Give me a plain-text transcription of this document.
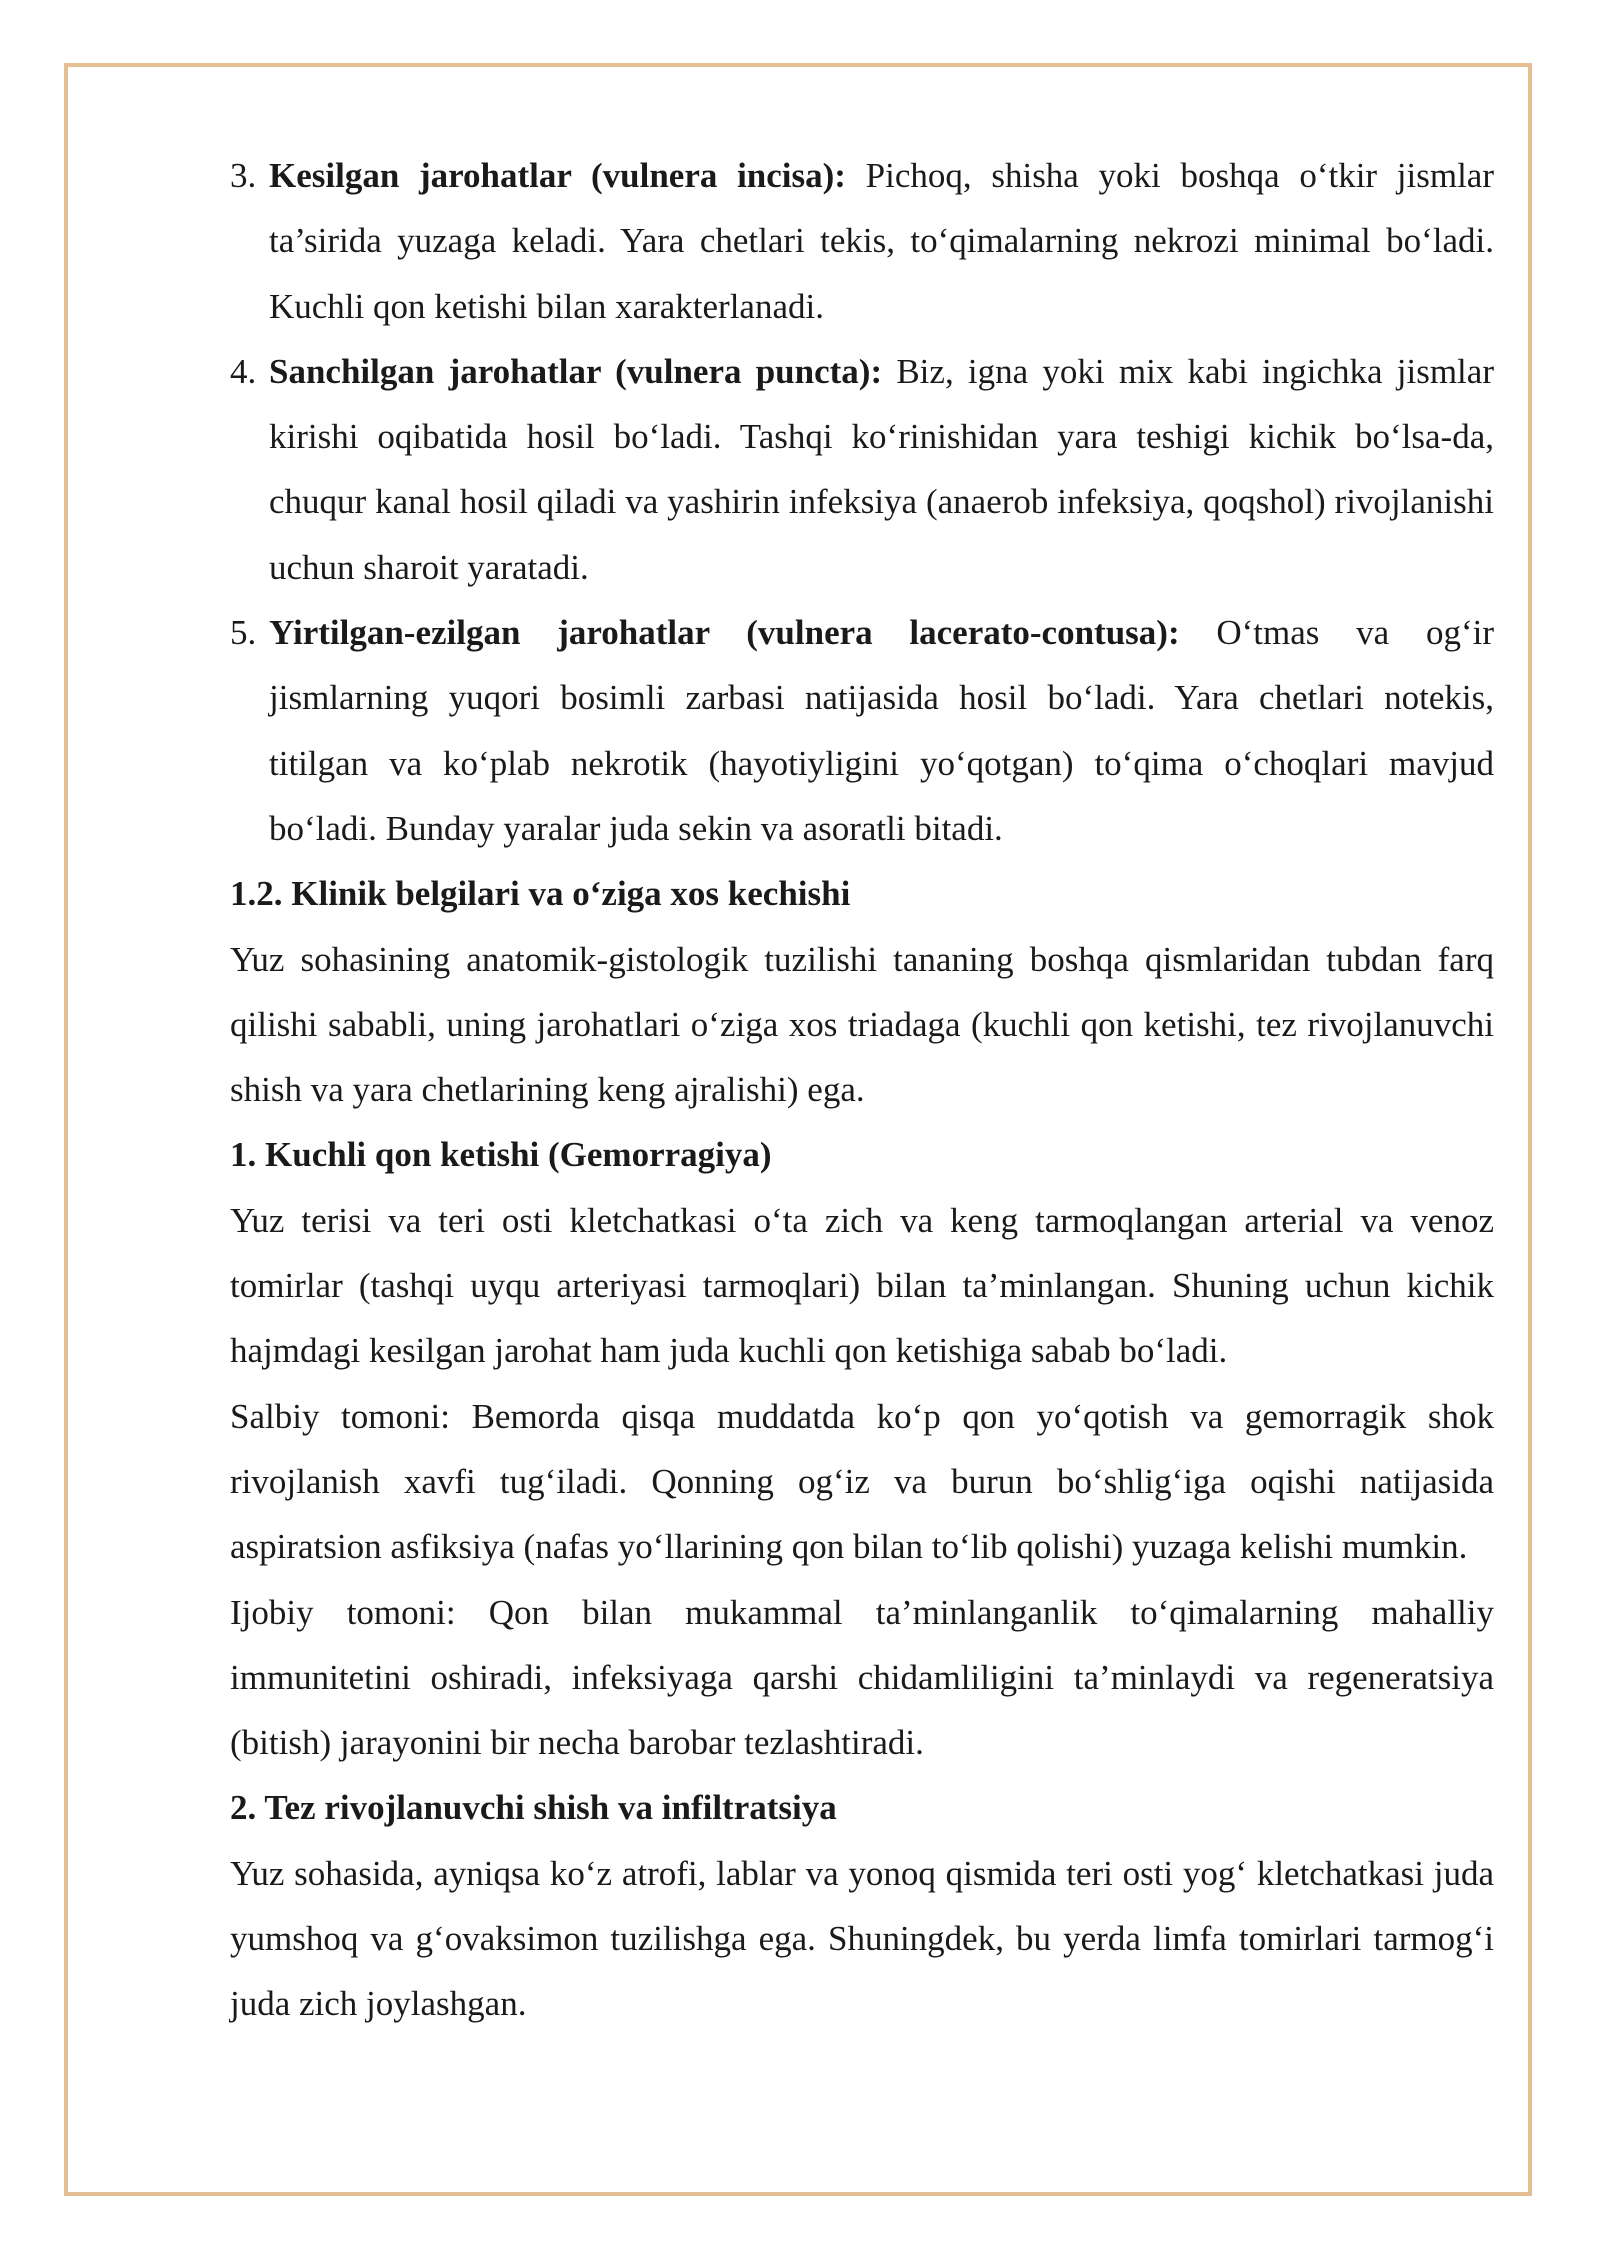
3. Kesilgan jarohatlar (vulnera incisa): Pichoq, shisha yoki boshqa o‘tkir jismlar ta’sirida yuzaga keladi. Yara chetlari tekis, to‘qimalarning nekrozi minimal bo‘ladi. Kuchli qon ketishi bilan xarakterlanadi.
4. Sanchilgan jarohatlar (vulnera puncta): Biz, igna yoki mix kabi ingichka jismlar kirishi oqibatida hosil bo‘ladi. Tashqi ko‘rinishidan yara teshigi kichik bo‘lsa-da, chuqur kanal hosil qiladi va yashirin infeksiya (anaerob infeksiya, qoqshol) rivojlanishi uchun sharoit yaratadi.
5. Yirtilgan-ezilgan jarohatlar (vulnera lacerato-contusa): O‘tmas va og‘ir jismlarning yuqori bosimli zarbasi natijasida hosil bo‘ladi. Yara chetlari notekis, titilgan va ko‘plab nekrotik (hayotiyligini yo‘qotgan) to‘qima o‘choqlari mavjud bo‘ladi. Bunday yaralar juda sekin va asoratli bitadi.
1.2. Klinik belgilari va o‘ziga xos kechishi

Yuz sohasining anatomik-gistologik tuzilishi tananing boshqa qismlaridan tubdan farq qilishi sababli, uning jarohatlari o‘ziga xos triadaga (kuchli qon ketishi, tez rivojlanuvchi shish va yara chetlarining keng ajralishi) ega.

1. Kuchli qon ketishi (Gemorragiya)

Yuz terisi va teri osti kletchatkasi o‘ta zich va keng tarmoqlangan arterial va venoz tomirlar (tashqi uyqu arteriyasi tarmoqlari) bilan ta’minlangan. Shuning uchun kichik hajmdagi kesilgan jarohat ham juda kuchli qon ketishiga sabab bo‘ladi.

Salbiy tomoni: Bemorda qisqa muddatda ko‘p qon yo‘qotish va gemorragik shok rivojlanish xavfi tug‘iladi. Qonning og‘iz va burun bo‘shlig‘iga oqishi natijasida aspiratsion asfiksiya (nafas yo‘llarining qon bilan to‘lib qolishi) yuzaga kelishi mumkin.

Ijobiy tomoni: Qon bilan mukammal ta’minlanganlik to‘qimalarning mahalliy immunitetini oshiradi, infeksiyaga qarshi chidamliligini ta’minlaydi va regeneratsiya (bitish) jarayonini bir necha barobar tezlashtiradi.

2. Tez rivojlanuvchi shish va infiltratsiya

Yuz sohasida, ayniqsa ko‘z atrofi, lablar va yonoq qismida teri osti yog‘ kletchatkasi juda yumshoq va g‘ovaksimon tuzilishga ega. Shuningdek, bu yerda limfa tomirlari tarmog‘i juda zich joylashgan.
